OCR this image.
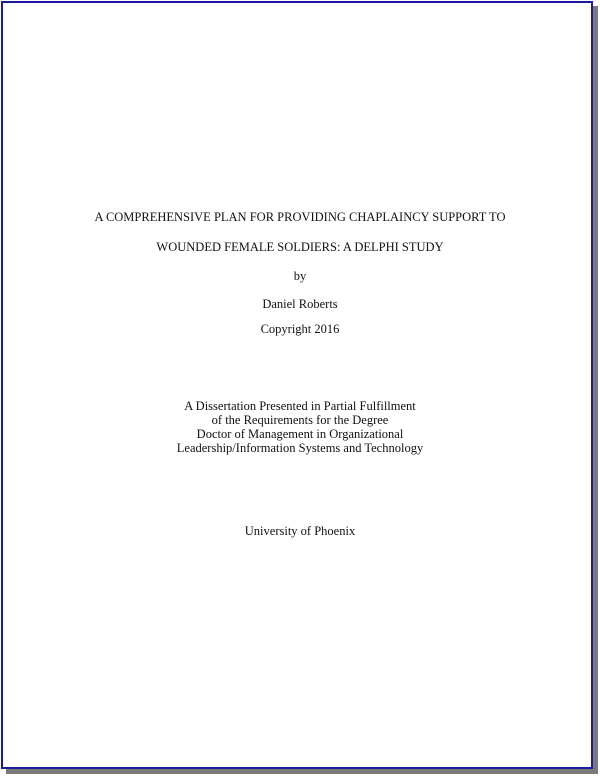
A COMPREHENSIVE PLAN FOR PROVIDING CHAPLAINCY SUPPORT TO
WOUNDED FEMALE SOLDIERS: A DELPHI STUDY
by
Daniel Roberts
Copyright 2016
A Dissertation Presented in Partial Fulfillment
of the Requirements for the Degree
Doctor of Management in Organizational
Leadership/Information Systems and Technology
University of Phoenix
